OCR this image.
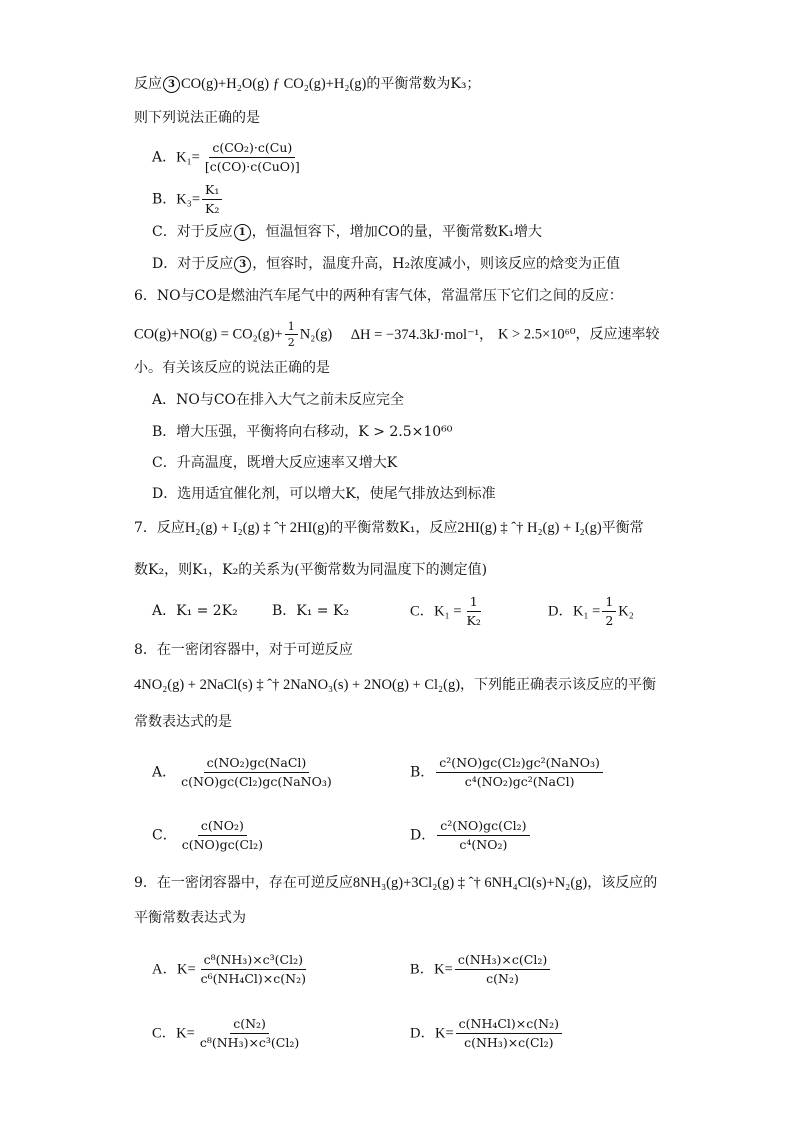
反应 3 CO(g)+H₂O(g) ƒ CO₂(g)+H₂(g)的平衡常数为K₃；
则下列说法正确的是
A．$K_1= \frac{\text{c(CO₂)·c(Cu)}}{\text{[c(CO)·c(CuO)]}}$
B．$K_3= \frac{\text{K₁}}{\text{K₂}}$
C．对于反应 1 ，恒温恒容下，增加CO的量，平衡常数K₁增大
D．对于反应 3 ，恒容时，温度升高，H₂浓度减小，则该反应的焓变为正值
6．NO与CO是燃油汽车尾气中的两种有害气体，常温常压下它们之间的反应：
$CO(g)+NO(g) = CO_2(g)+ \frac{1}{2} N_2(g) \Delta H = -374.3kJ\cdot mol^{-1}$， K > 2.5×10⁶⁰，反应速率较
小。有关该反应的说法正确的是
A．NO与CO在排入大气之前未反应完全
B．增大压强，平衡将向右移动，K > 2.5×10⁶⁰
C．升高温度，既增大反应速率又增大K
D．选用适宜催化剂，可以增大K，使尾气排放达到标准
7．反应H₂(g) + I₂(g) ‡ ˆ† 2HI(g)的平衡常数K₁，反应2HI(g) ‡ ˆ† H₂(g) + I₂(g)平衡常
数K₂，则K₁，K₂的关系为(平衡常数为同温度下的测定值)
A．K₁ = 2K₂ B．K₁ = K₂	C．$K_1 = \frac{1}{\text{K₂}}$	D．$K_1 = \frac{1}{2} K_2$
8．在一密闭容器中，对于可逆反应
4NO₂(g) + 2NaCl(s) ‡ ˆ† 2NaNO₃(s) + 2NO(g) + Cl₂(g)，下列能正确表示该反应的平衡
常数表达式的是
A． $\frac{\text{c(NO₂)gc(NaCl)}}{\text{c(NO)gc(Cl₂)gc(NaNO₃)}}$	B． $\frac{\text{c²(NO)gc(Cl₂)gc²(NaNO₃)}}{\text{c⁴(NO₂)gc²(NaCl)}}$
C． $\frac{\text{c(NO₂)}}{\text{c(NO)gc(Cl₂)}}$	D． $\frac{\text{c²(NO)gc(Cl₂)}}{\text{c⁴(NO₂)}}$
9．在一密闭容器中，存在可逆反应8NH₃(g)+3Cl₂(g) ‡ ˆ† 6NH₄Cl(s)+N₂(g)，该反应的
平衡常数表达式为
A．$K= \frac{\text{c⁸(NH₃)×c³(Cl₂)}}{\text{c⁶(NH₄Cl)×c(N₂)}}$	B．$K= \frac{\text{c(NH₃)×c(Cl₂)}}{\text{c(N₂)}}$
C．$K= \frac{\text{c(N₂)}}{\text{c⁸(NH₃)×c³(Cl₂)}}$	D．$K= \frac{\text{c(NH₄Cl)×c(N₂)}}{\text{c(NH₃)×c(Cl₂)}}$
